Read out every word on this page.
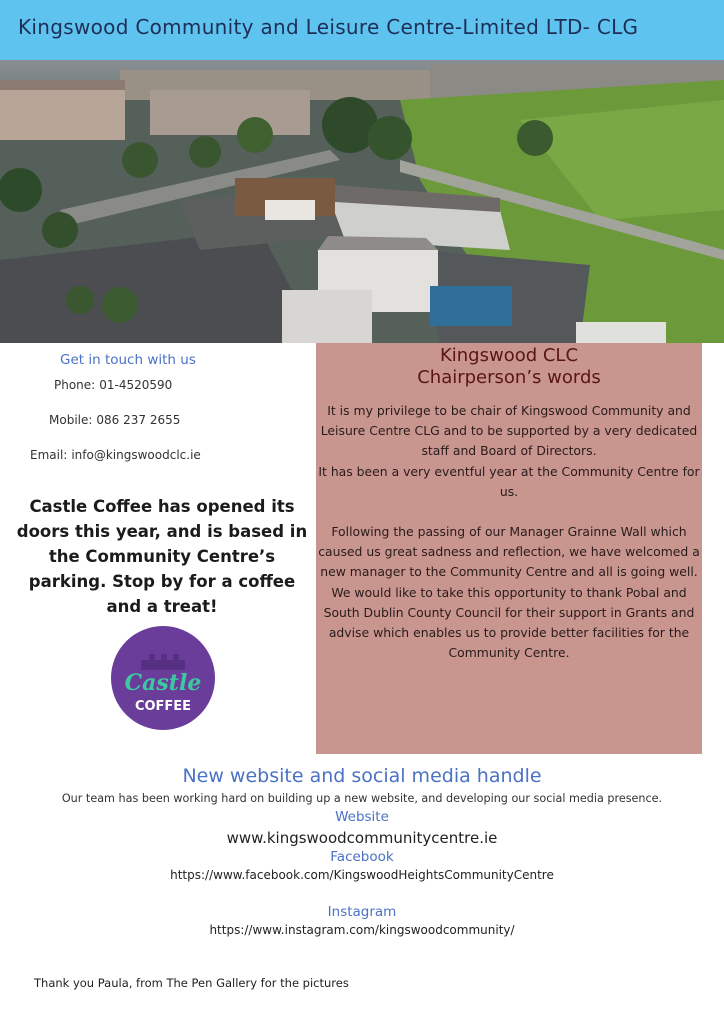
Kingswood Community and Leisure Centre-Limited LTD- CLG
Get in touch with us
Phone: 01-4520590
Mobile: 086 237 2655
Email: info@kingswoodclc.ie
Castle Coffee has opened its doors this year, and is based in the Community Centre’s parking. Stop by for a coffee and a treat!
Castle
COFFEE
Kingswood CLC
Chairperson’s words

It is my privilege to be chair of Kingswood Community and Leisure Centre CLG and to be supported by a very dedicated staff and Board of Directors.

It has been a very eventful year at the Community Centre for us.

Following the passing of our Manager Grainne Wall which caused us great sadness and reflection, we have welcomed a new manager to the Community Centre and all is going well.

We would like to take this opportunity to thank Pobal and South Dublin County Council for their support in Grants and advise which enables us to provide better facilities for the Community Centre.

New website and social media handle
Our team has been working hard on building up a new website, and developing our social media presence.
Website
www.kingswoodcommunitycentre.ie
Facebook
https://www.facebook.com/KingswoodHeightsCommunityCentre
Instagram
https://www.instagram.com/kingswoodcommunity/
Thank you Paula, from The Pen Gallery for the pictures
